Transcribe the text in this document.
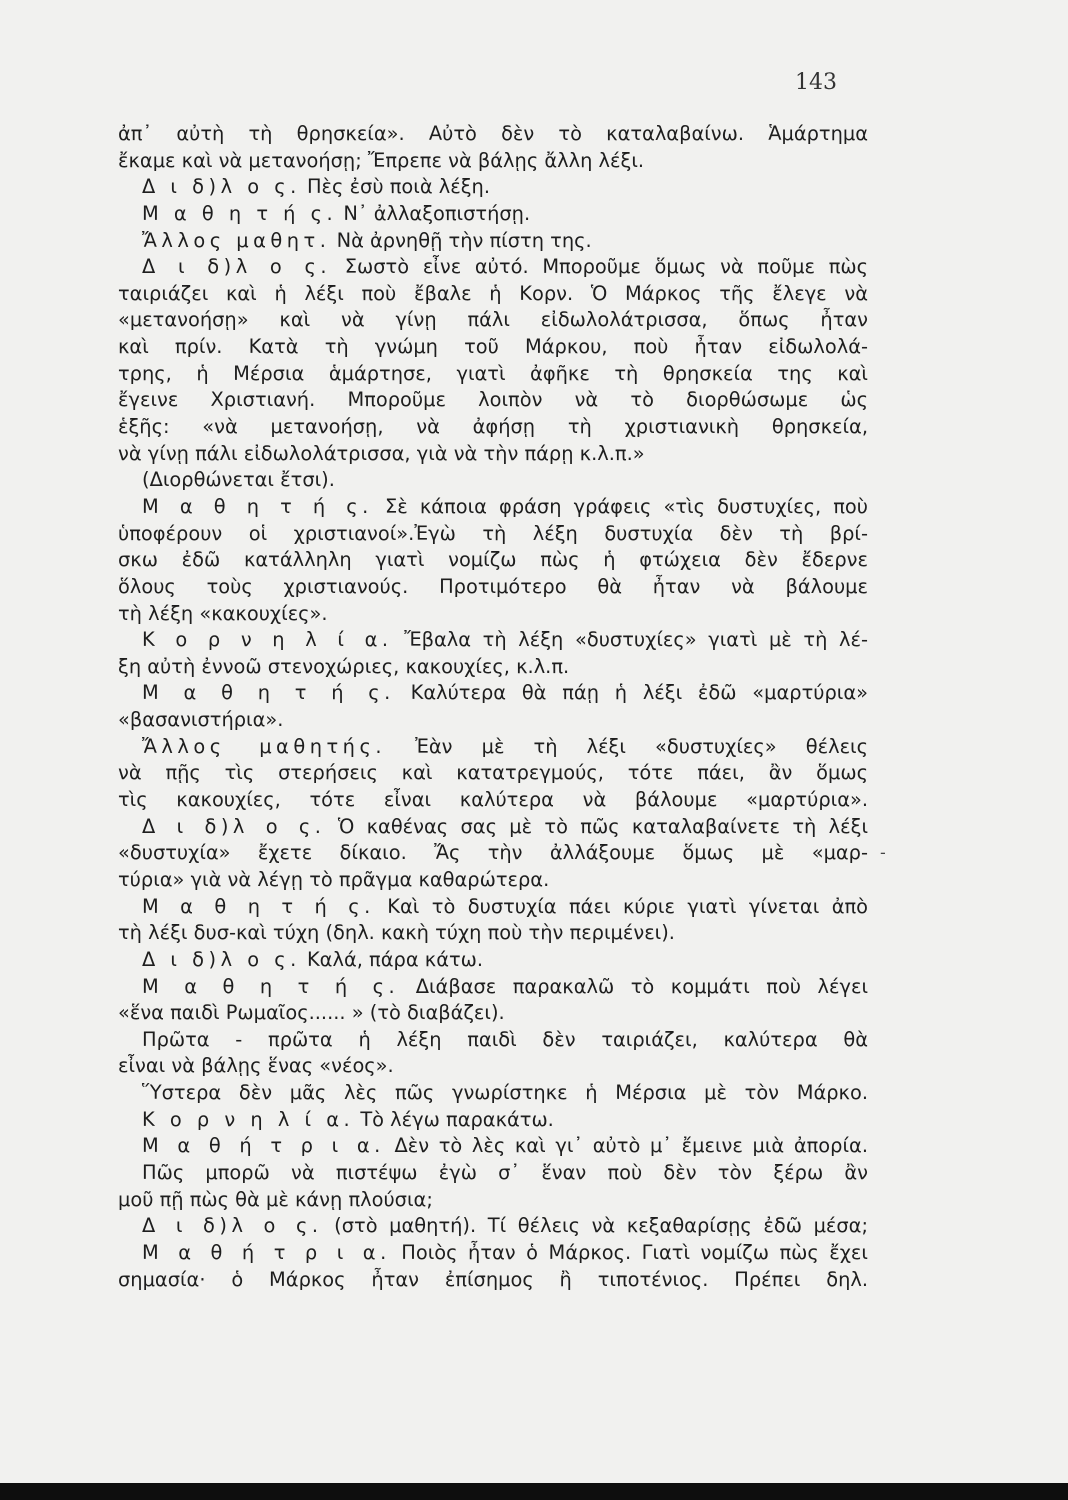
143
-
ἀπ᾽ αὐτὴ τὴ θρησκεία». Αὐτὸ δὲν τὸ καταλαβαίνω. Ἁμάρτημα
ἔκαμε καὶ νὰ μετανοήσῃ; Ἔπρεπε νὰ βάλῃς ἄλλη λέξι.
Δ ι δ)λ ο ς. Πὲς ἐσὺ ποιὰ λέξη.
Μ α θ η τ ή ς. Ν᾽ ἀλλαξοπιστήσῃ.
Ἄλλος μαθητ. Νὰ ἀρνηθῇ τὴν πίστη της.
Δ ι δ)λ ο ς. Σωστὸ εἶνε αὐτό. Μποροῦμε ὅμως νὰ ποῦμε πὼς
ταιριάζει καὶ ἡ λέξι ποὺ ἔβαλε ἡ Κορν. Ὁ Μάρκος τῆς ἔλεγε νὰ
«μετανοήσῃ» καὶ νὰ γίνῃ πάλι εἰδωλολάτρισσα, ὅπως ἦταν
καὶ πρίν. Κατὰ τὴ γνώμη τοῦ Μάρκου, ποὺ ἦταν εἰδωλολά-
τρης, ἡ Μέρσια ἁμάρτησε, γιατὶ ἀφῆκε τὴ θρησκεία της καὶ
ἔγεινε Χριστιανή. Μποροῦμε λοιπὸν νὰ τὸ διορθώσωμε ὡς
ἑξῆς: «νὰ μετανοήσῃ, νὰ ἀφήσῃ τὴ χριστιανικὴ θρησκεία,
νὰ γίνῃ πάλι εἰδωλολάτρισσα, γιὰ νὰ τὴν πάρῃ κ.λ.π.»
(Διορθώνεται ἔτσι).
Μ α θ η τ ή ς. Σὲ κάποια φράση γράφεις «τὶς δυστυχίες, ποὺ
ὑποφέρουν οἱ χριστιανοί».Ἐγὼ τὴ λέξη δυστυχία δὲν τὴ βρί-
σκω ἐδῶ κατάλληλη γιατὶ νομίζω πὼς ἡ φτώχεια δὲν ἔδερνε
ὅλους τοὺς χριστιανούς. Προτιμότερο θὰ ἦταν νὰ βάλουμε
τὴ λέξη «κακουχίες».
Κ ο ρ ν η λ ί α. Ἔβαλα τὴ λέξη «δυστυχίες» γιατὶ μὲ τὴ λέ-
ξη αὐτὴ ἐννοῶ στενοχώριες, κακουχίες, κ.λ.π.
Μ α θ η τ ή ς. Καλύτερα θὰ πάῃ ἡ λέξι ἐδῶ «μαρτύρια»
«βασανιστήρια».
Ἄλλος μαθητής. Ἐὰν μὲ τὴ λέξι «δυστυχίες» θέλεις
νὰ πῇς τὶς στερήσεις καὶ κατατρεγμούς, τότε πάει, ἂν ὅμως
τὶς κακουχίες, τότε εἶναι καλύτερα νὰ βάλουμε «μαρτύρια».
Δ ι δ)λ ο ς. Ὁ καθένας σας μὲ τὸ πῶς καταλαβαίνετε τὴ λέξι
«δυστυχία» ἔχετε δίκαιο. Ἄς τὴν ἀλλάξουμε ὅμως μὲ «μαρ-
τύρια» γιὰ νὰ λέγῃ τὸ πρᾶγμα καθαρώτερα.
Μ α θ η τ ή ς. Καὶ τὸ δυστυχία πάει κύριε γιατὶ γίνεται ἀπὸ
τὴ λέξι δυσ-καὶ τύχη (δηλ. κακὴ τύχη ποὺ τὴν περιμένει).
Δ ι δ)λ ο ς. Καλά, πάρα κάτω.
Μ α θ η τ ή ς. Διάβασε παρακαλῶ τὸ κομμάτι ποὺ λέγει
«ἕνα παιδὶ Ρωμαῖος...... » (τὸ διαβάζει).
Πρῶτα - πρῶτα ἡ λέξη παιδὶ δὲν ταιριάζει, καλύτερα θὰ
εἶναι νὰ βάλῃς ἕνας «νέος».
Ὕστερα δὲν μᾶς λὲς πῶς γνωρίστηκε ἡ Μέρσια μὲ τὸν Μάρκο.
Κ ο ρ ν η λ ί α. Τὸ λέγω παρακάτω.
Μ α θ ή τ ρ ι α. Δὲν τὸ λὲς καὶ γι᾽ αὐτὸ μ᾽ ἔμεινε μιὰ ἀπορία.
Πῶς μπορῶ νὰ πιστέψω ἐγὼ σ᾽ ἕναν ποὺ δὲν τὸν ξέρω ἂν
μοῦ πῇ πὼς θὰ μὲ κάνῃ πλούσια;
Δ ι δ)λ ο ς. (στὸ μαθητή). Τί θέλεις νὰ κεξαθαρίσῃς ἐδῶ μέσα;
Μ α θ ή τ ρ ι α. Ποιὸς ἦταν ὁ Μάρκος. Γιατὶ νομίζω πὼς ἔχει
σημασία· ὁ Μάρκος ἦταν ἐπίσημος ἢ τιποτένιος. Πρέπει δηλ.
